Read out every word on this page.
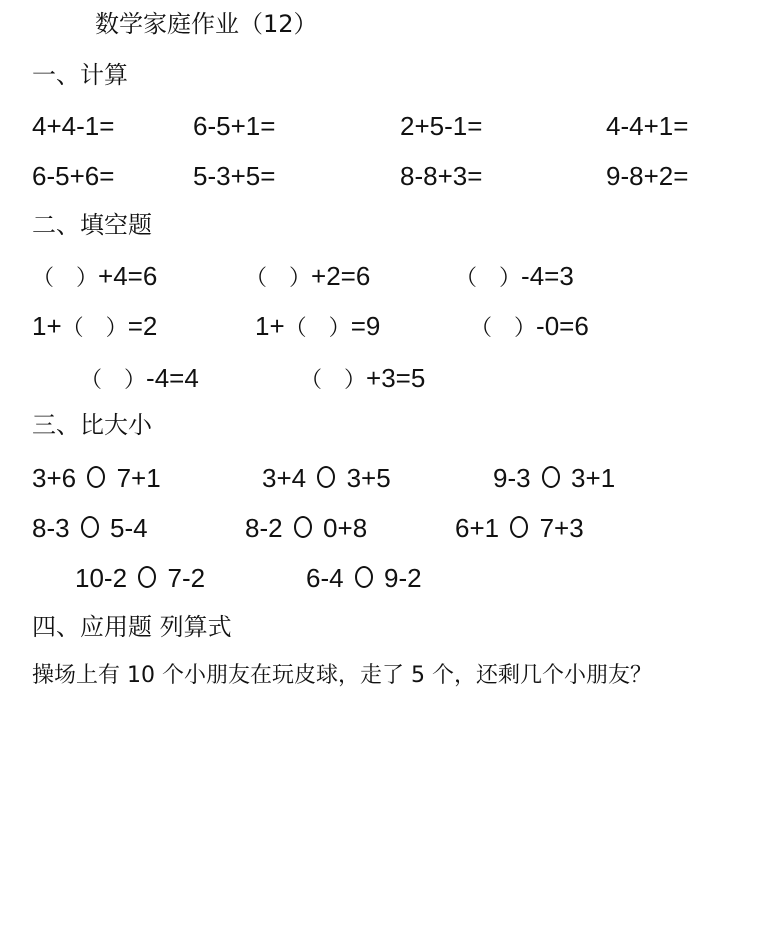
数学家庭作业（12）
一、计算
4+4-1=	6-5+1=	2+5-1=	4-4+1=
6-5+6=	5-3+5=	8-8+3=	9-8+2=
二、填空题
（ ）+4=6	（ ）+2=6	（ ）-4=3
1+（ ）=2	1+（ ）=9	（ ）-0=6
（ ）-4=4	（ ）+3=5
三、比大小
3+6 7+1	3+4 3+5	9-3 3+1
8-3 5-4	8-2 0+8	6+1 7+3
10-2 7-2	6-4 9-2
四、应用题 列算式
操场上有 10 个小朋友在玩皮球，走了 5 个，还剩几个小朋友？
